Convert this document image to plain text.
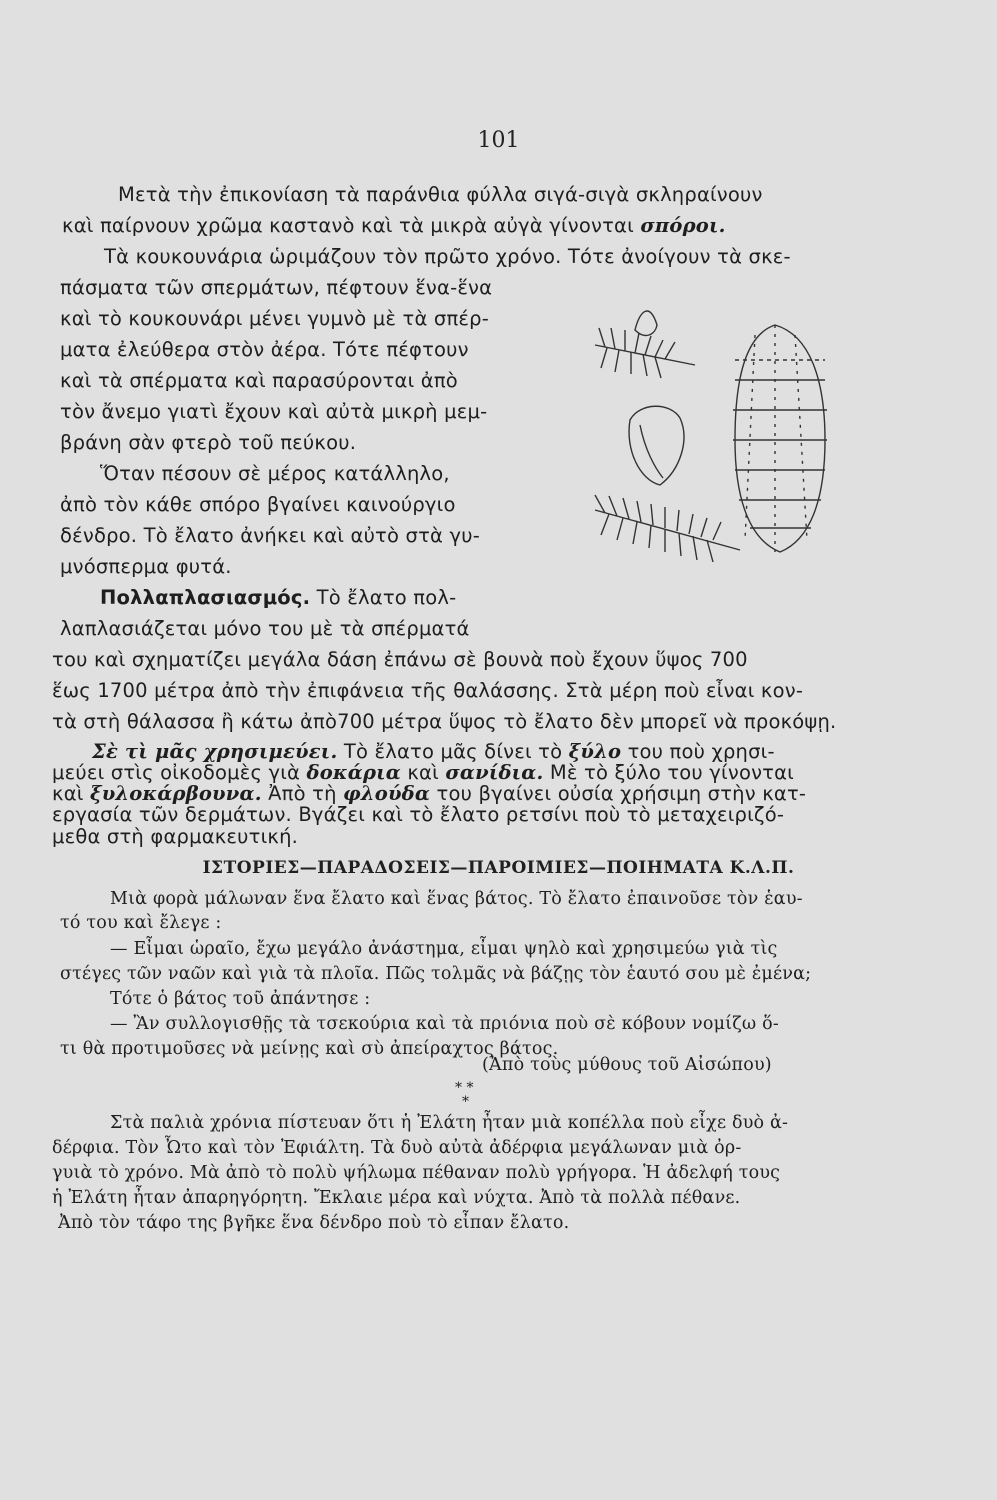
101
Μετὰ τὴν ἐπικονίαση τὰ παράνθια φύλλα σιγά-σιγὰ σκληραίνουν
καὶ παίρνουν χρῶμα καστανὸ καὶ τὰ μικρὰ αὐγὰ γίνονται σπόροι.
Τὰ κουκουνάρια ὡριμάζουν τὸν πρῶτο χρόνο. Τότε ἀνοίγουν τὰ σκε-
πάσματα τῶν σπερμάτων, πέφτουν ἕνα-ἕνα
καὶ τὸ κουκουνάρι μένει γυμνὸ μὲ τὰ σπέρ-
ματα ἐλεύθερα στὸν ἀέρα. Τότε πέφτουν
καὶ τὰ σπέρματα καὶ παρασύρονται ἀπὸ
τὸν ἄνεμο γιατὶ ἔχουν καὶ αὐτὰ μικρὴ μεμ-
βράνη σὰν φτερὸ τοῦ πεύκου.
Ὅταν πέσουν σὲ μέρος κατάλληλο,
ἀπὸ τὸν κάθε σπόρο βγαίνει καινούργιο
δένδρο. Τὸ ἔλατο ἀνήκει καὶ αὐτὸ στὰ γυ-
μνόσπερμα φυτά.
Πολλαπλασιασμός. Τὸ ἔλατο πολ-
λαπλασιάζεται μόνο του μὲ τὰ σπέρματά
του καὶ σχηματίζει μεγάλα δάση ἐπάνω σὲ βουνὰ ποὺ ἔχουν ὕψος 700
ἕως 1700 μέτρα ἀπὸ τὴν ἐπιφάνεια τῆς θαλάσσης. Στὰ μέρη ποὺ εἶναι κον-
τὰ στὴ θάλασσα ἢ κάτω ἀπὸ700 μέτρα ὕψος τὸ ἔλατο δὲν μπορεῖ νὰ προκόψῃ.
Σὲ τὶ μᾶς χρησιμεύει. Τὸ ἔλατο μᾶς δίνει τὸ ξύλο του ποὺ χρησι-
μεύει στὶς οἰκοδομὲς γιὰ δοκάρια καὶ σανίδια. Μὲ τὸ ξύλο του γίνονται
καὶ ξυλοκάρβουνα. Ἀπὸ τὴ φλούδα του βγαίνει οὐσία χρήσιμη στὴν κατ-
εργασία τῶν δερμάτων. Βγάζει καὶ τὸ ἔλατο ρετσίνι ποὺ τὸ μεταχειριζό-
ΙΣΤΟΡΙΕΣ—ΠΑΡΑΔΟΣΕΙΣ—ΠΑΡΟΙΜΙΕΣ—ΠΟΙΗΜΑΤΑ Κ.Λ.Π.
Μιὰ φορὰ μάλωναν ἕνα ἔλατο καὶ ἕνας βάτος. Τὸ ἔλατο ἐπαινοῦσε τὸν ἑαυ-
τό του καὶ ἔλεγε :
— Εἶμαι ὡραῖο, ἔχω μεγάλο ἀνάστημα, εἶμαι ψηλὸ καὶ χρησιμεύω γιὰ τὶς
στέγες τῶν ναῶν καὶ γιὰ τὰ πλοῖα. Πῶς τολμᾶς νὰ βάζῃς τὸν ἑαυτό σου μὲ ἐμένα;
Τότε ὁ βάτος τοῦ ἀπάντησε :
— Ἂν συλλογισθῇς τὰ τσεκούρια καὶ τὰ πριόνια ποὺ σὲ κόβουν νομίζω ὅ-
τι θὰ προτιμοῦσες νὰ μείνῃς καὶ σὺ ἀπείραχτος βάτος.
(Ἀπὸ τοὺς μύθους τοῦ Αἰσώπου)
* *
*
Στὰ παλιὰ χρόνια πίστευαν ὅτι ἡ Ἐλάτη ἦταν μιὰ κοπέλλα ποὺ εἶχε δυὸ ἀ-
δέρφια. Τὸν Ὦτο καὶ τὸν Ἐφιάλτη. Τὰ δυὸ αὐτὰ ἀδέρφια μεγάλωναν μιὰ ὀρ-
γυιὰ τὸ χρόνο. Μὰ ἀπὸ τὸ πολὺ ψήλωμα πέθαναν πολὺ γρήγορα. Ἡ ἀδελφή τους
ἡ Ἐλάτη ἦταν ἀπαρηγόρητη. Ἔκλαιε μέρα καὶ νύχτα. Ἀπὸ τὰ πολλὰ πέθανε.
Ἀπὸ τὸν τάφο της βγῆκε ἕνα δένδρο ποὺ τὸ εἶπαν ἔλατο.
μεθα στὴ φαρμακευτική.
